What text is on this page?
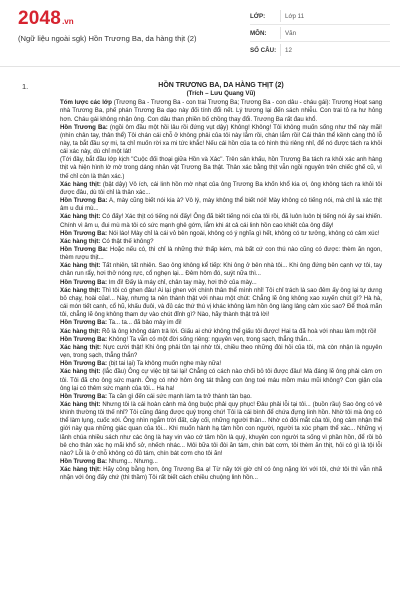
2048 .vn
(Ngữ liệu ngoài sgk) Hồn Trương Ba, da hàng thịt (2)
LỚP:	Lớp 11
MÔN:	Văn
SỐ CÂU:	12
1.	HỒN TRƯƠNG BA, DA HÀNG THỊT (2)
(Trích – Lưu Quang Vũ)

Tóm lược các lớp (Trương Ba - Trương Ba - con trai Trương Ba; Trương Ba - con dâu - cháu gái): Trương Hoạt sang nhà Trương Ba, phế phán Trương Ba dạo này đối tính đổi nết. Lý trương lại đến sách nhiễu. Con trai tỏ ra hư hỏng hơn. Cháu gái không nhận ông. Con dâu than phiền bố chồng thay đổi. Trương Ba rất đau khổ.

Hồn Trương Ba: (ngồi ôm đầu một hồi lâu rồi đứng vụt dậy) Không! Không! Tôi không muốn sống như thế này mãi! (nhìn chân tay, thân thể) Tôi chán cái chỗ ở không phải của tôi này lắm rồi, chán lắm rồi! Cái thân thể kềnh càng thô lỗ này, ta bắt đầu sợ mi, ta chỉ muốn rời xa mi tức khắc! Nếu cái hồn của ta có hình thù riêng nhỉ, để nó được tách ra khỏi cái xác này, dù chỉ một lát!

(Tới đây, bắt đầu lớp kịch "Cuộc đối thoại giữa Hồn và Xác". Trên sân khấu, hồn Trương Ba tách ra khỏi xác anh hàng thịt và hiện hình lờ mờ trong dáng nhân vật Trương Ba thật. Thân xác bằng thịt vẫn ngồi nguyên trên chiếc ghế cũ, vì thế chỉ còn là thân xác.)

Xác hàng thịt: (bật dậy) Vô ích, cái linh hồn mờ nhạt của ông Trương Ba khốn khổ kia ơi, ông không tách ra khỏi tôi được đâu, dù tôi chỉ là thân xác...

Hồn Trương Ba: A, mày cũng biết nói kia à? Vô lý, mày không thể biết nói! Mày không có tiếng nói, mà chỉ là xác thịt âm u đui mù...

Xác hàng thịt: Có đấy! Xác thịt có tiếng nói đấy! Ông đã biết tiếng nói của tôi rồi, đã luôn luôn bị tiếng nói ấy sai khiến. Chính vì âm u, đui mù mà tôi có sức mạnh ghê gớm, lắm khi át cả cái linh hồn cao khiết của ông đấy!

Hồn Trương Ba: Nói láo! Mày chỉ là cái vỏ bên ngoài, không có ý nghĩa gì hết, không có tư tưởng, không có cảm xúc!

Xác hàng thịt: Có thật thế không?

Hồn Trương Ba: Hoặc nếu có, thì chỉ là những thứ thấp kém, mà bất cứ con thú nào cũng có được: thèm ăn ngon, thèm rượu thịt...

Xác hàng thịt: Tất nhiên, tất nhiên. Sao ông không kể tiếp: Khi ông ở bên nhà tôi... Khi ông đứng bên cạnh vợ tôi, tay chân run rẩy, hơi thở nóng rực, cổ nghẹn lại... Đêm hôm đó, suýt nữa thì...

Hồn Trương Ba: Im đi! Đấy là máy chỉ, chân tay mày, hơi thở của mày...

Xác hàng thịt: Thì tôi có ghen đâu! Ai lại ghen với chính thân thể mình nhỉ! Tôi chỉ trách là sao đêm ấy ông lại tự dưng bỏ chạy, hoài của!... Này, nhưng ta nên thành thật với nhau một chút: Chẳng lẽ ông không xao xuyến chút gì? Hà hà, cái món tiết canh, cổ hũ, khấu đuôi, và đủ các thứ thú vị khác không làm hồn ông làng lâng cảm xúc sao? Để thoả mãn tôi, chẳng lẽ ông không tham dự vào chút đỉnh gì? Nào, hãy thành thật trả lời!

Hồn Trương Ba: Ta... ta... đã bảo mày im đi!

Xác hàng thịt: Rõ là ông không dám trả lời. Giấu ai chứ không thể giấu tôi được! Hai ta đã hoà với nhau làm một rồi!

Hồn Trương Ba: Không! Ta vẫn có một đời sống riêng: nguyên vẹn, trong sạch, thẳng thắn...

Xác hàng thịt: Nực cười thật! Khi ông phải tồn tại nhờ tôi, chiều theo những đòi hỏi của tôi, mà còn nhận là nguyên vẹn, trong sạch, thẳng thắn?

Hồn Trương Ba: (bịt tai lại) Ta không muốn nghe mày nữa!

Xác hàng thịt: (lắc đầu) Ông cự việc bịt tai lại! Chẳng có cách nào chối bỏ tôi được đâu! Mà đáng lẽ ông phải cảm ơn tôi. Tôi đã cho ông sức mạnh. Ông có nhớ hôm ông tát thằng con ông toé máu mồm máu mũi không? Con giận của ông lại có thêm sức mạnh của tôi... Ha ha!

Hồn Trương Ba: Ta cần gì đến cái sức mạnh làm ta trở thành tàn bạo.

Xác hàng thịt: Nhưng tôi là cái hoàn cảnh mà ông buộc phải quy phục! Đâu phải lỗi tại tôi... (buồn rầu) Sao ông có vẻ khinh thường tôi thế nhỉ? Tôi cũng đáng được quý trọng chứ! Tôi là cái bình để chứa đựng linh hồn. Nhờ tôi mà ông có thể làm lụng, cuốc xới. Ông nhìn ngắm trời đất, cây cối, những người thân... Nhờ có đôi mắt của tôi, ông cảm nhận thế giới này qua những giác quan của tôi... Khi muốn hành hạ tâm hồn con người, người ta xúc phạm thể xác... Những vị lãnh chúa nhiều sách như các ông là hay vin vào cớ tâm hồn là quý, khuyên con người ta sống vì phần hồn, để rồi bỏ bê cho thân xác họ mãi khổ sở, nhếch nhác... Môi bữa tôi đòi ăn tám, chín bát cơm, tôi thèm ăn thịt, hỏi có gì là tội lỗi nào? Lỗi là ở chỗ không có đủ tám, chín bát cơm cho tôi ăn!

Hồn Trương Ba: Nhưng... Nhưng...

Xác hàng thịt: Hãy công bằng hơn, ông Trương Ba ạ! Từ nãy tới giờ chỉ có ông nặng lời với tôi, chứ tôi thì vẫn nhã nhặn với ông đấy chứ (thì thầm) Tôi rất biết cách chiều chuộng linh hồn...
